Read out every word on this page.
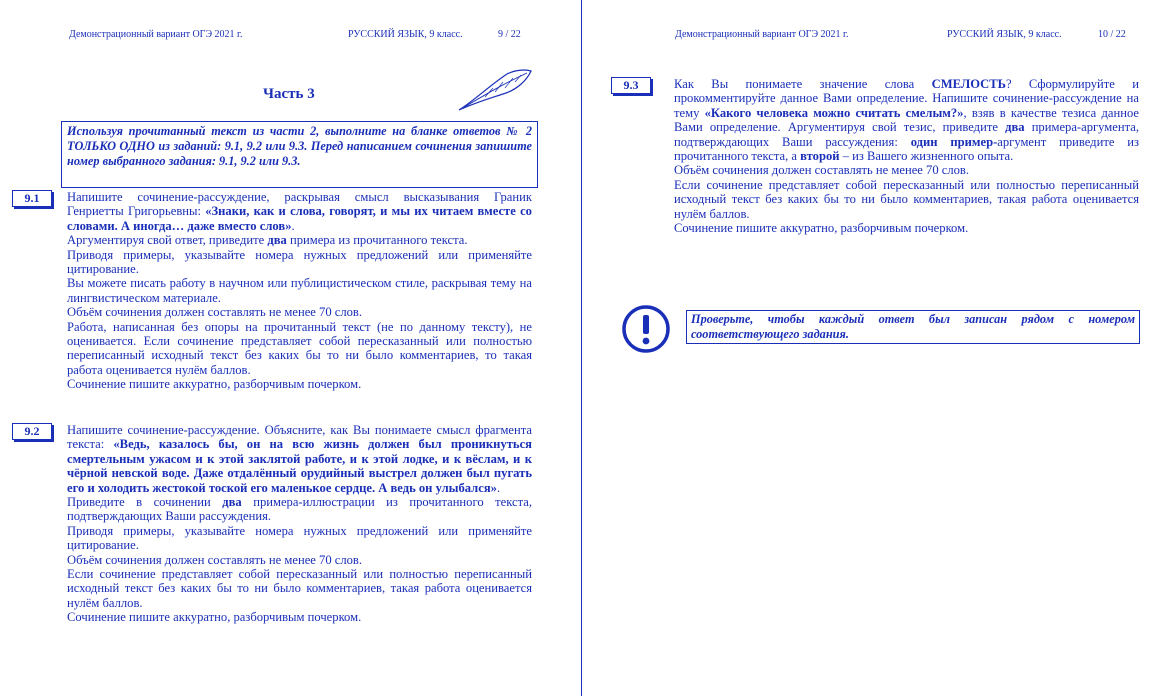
Демонстрационный вариант ОГЭ 2021 г.	РУССКИЙ ЯЗЫК, 9 класс.	9 / 22
Часть 3
Используя прочитанный текст из части 2, выполните на бланке ответов № 2 ТОЛЬКО ОДНО из заданий: 9.1, 9.2 или 9.3. Перед написанием сочинения запишите номер выбранного задания: 9.1, 9.2 или 9.3.
9.1	Напишите сочинение-рассуждение, раскрывая смысл высказывания Граник Генриетты Григорьевны: «Знаки, как и слова, говорят, и мы их читаем вместе со словами. А иногда… даже вместо слов».

Аргументируя свой ответ, приведите два примера из прочитанного текста.

Приводя примеры, указывайте номера нужных предложений или применяйте цитирование.

Вы можете писать работу в научном или публицистическом стиле, раскрывая тему на лингвистическом материале.

Объём сочинения должен составлять не менее 70 слов.

Работа, написанная без опоры на прочитанный текст (не по данному тексту), не оценивается. Если сочинение представляет собой пересказанный или полностью переписанный исходный текст без каких бы то ни было комментариев, то такая работа оценивается нулём баллов.

Сочинение пишите аккуратно, разборчивым почерком.

9.2	Напишите сочинение-рассуждение. Объясните, как Вы понимаете смысл фрагмента текста: «Ведь, казалось бы, он на всю жизнь должен был проникнуться смертельным ужасом и к этой заклятой работе, и к этой лодке, и к вёслам, и к чёрной невской воде. Даже отдалённый орудийный выстрел должен был пугать его и холодить жестокой тоской его маленькое сердце. А ведь он улыбался».

Приведите в сочинении два примера-иллюстрации из прочитанного текста, подтверждающих Ваши рассуждения.

Приводя примеры, указывайте номера нужных предложений или применяйте цитирование.

Объём сочинения должен составлять не менее 70 слов.

Если сочинение представляет собой пересказанный или полностью переписанный исходный текст без каких бы то ни было комментариев, такая работа оценивается нулём баллов.

Сочинение пишите аккуратно, разборчивым почерком.

Демонстрационный вариант ОГЭ 2021 г.	РУССКИЙ ЯЗЫК, 9 класс.	10 / 22
9.3	Как Вы понимаете значение слова СМЕЛОСТЬ? Сформулируйте и прокомментируйте данное Вами определение. Напишите сочинение-рассуждение на тему «Какого человека можно считать смелым?», взяв в качестве тезиса данное Вами определение. Аргументируя свой тезис, приведите два примера-аргумента, подтверждающих Ваши рассуждения: один пример-аргумент приведите из прочитанного текста, а второй – из Вашего жизненного опыта.

Объём сочинения должен составлять не менее 70 слов.

Если сочинение представляет собой пересказанный или полностью переписанный исходный текст без каких бы то ни было комментариев, такая работа оценивается нулём баллов.

Сочинение пишите аккуратно, разборчивым почерком.

Проверьте, чтобы каждый ответ был записан рядом с номером соответствующего задания.
